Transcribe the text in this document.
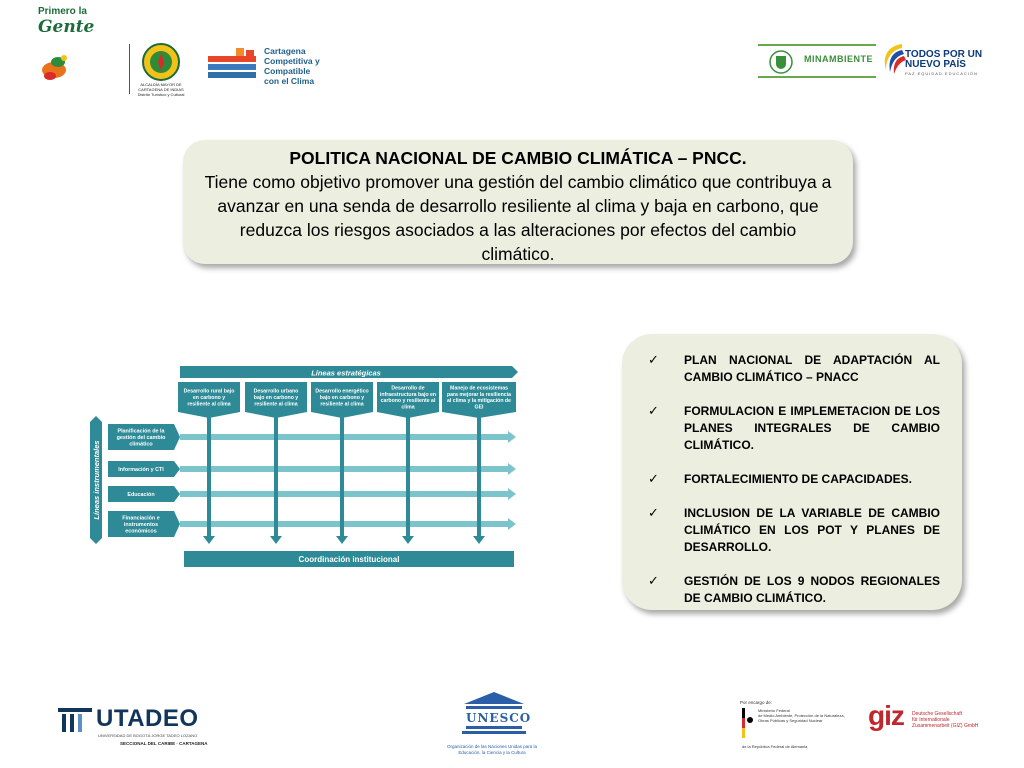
Primero la
Gente
ALCALDÍA MAYOR DE CARTAGENA DE INDIAS Distrito Turístico y Cultural
Cartagena
Competitiva y
Compatible
con el Clima
MINAMBIENTE	TODOS POR UN
NUEVO PAÍS
PAZ EQUIDAD EDUCACIÓN
POLITICA NACIONAL DE CAMBIO CLIMÁTICA – PNCC.
Tiene como objetivo promover una gestión del cambio climático que contribuya a avanzar en una senda de desarrollo resiliente al clima y baja en carbono, que reduzca los riesgos asociados a las alteraciones por efectos del cambio climático.
Líneas estratégicas
Líneas instrumentales
Coordinación institucional
Desarrollo rural bajo
en carbono y
resiliente al clima
Desarrollo urbano
bajo en carbono y
resiliente al clima
Desarrollo energético
bajo en carbono y
resiliente al clima
Desarrollo de
infraestructura bajo en
carbono y resiliente al
clima
Manejo de ecosistemas
para mejorar la resiliencia
al clima y la mitigación de
GEI
Planificación de la
gestión del cambio
climático
Información y CTI
Educación
Financiación e
instrumentos
económicos
✓ PLAN NACIONAL DE ADAPTACIÓN AL CAMBIO CLIMÁTICO – PNACC
✓ FORMULACION E IMPLEMETACION DE LOS PLANES INTEGRALES DE CAMBIO CLIMÁTICO.
✓ FORTALECIMIENTO DE CAPACIDADES.
✓ INCLUSION DE LA VARIABLE DE CAMBIO CLIMÁTICO EN LOS POT Y PLANES DE DESARROLLO.
✓ GESTIÓN DE LOS 9 NODOS REGIONALES DE CAMBIO CLIMÁTICO.
UTADEO
UNIVERSIDAD DE BOGOTÁ JORGE TADEO LOZANO
SECCIONAL DEL CARIBE · CARTAGENA
UNESCO
Organización de las Naciones Unidas para la Educación, la Ciencia y la Cultura
Por encargo de:
Ministerio Federal
de Medio Ambiente, Protección de la Naturaleza,
Obras Públicas y Seguridad Nuclear
de la República Federal de Alemania
giz Deutsche Gesellschaft
für Internationale
Zusammenarbeit (GIZ) GmbH
